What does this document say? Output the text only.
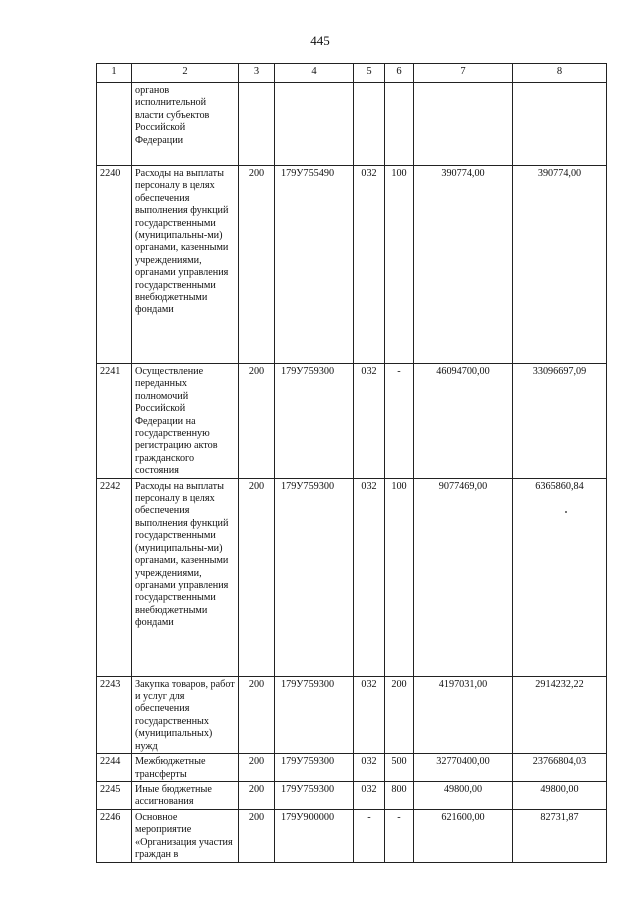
445
1	2	3	4	5	6	7	8
	органов исполнительной власти субъектов Российской Федерации						
2240	Расходы на выплаты персоналу в целях обеспечения выполнения функций государственными (муниципальны-ми) органами, казенными учреждениями, органами управления государственными внебюджетными фондами	200	179У755490	032	100	390774,00	390774,00
2241	Осуществление переданных полномочий Российской Федерации на государственную регистрацию актов гражданского состояния	200	179У759300	032	-	46094700,00	33096697,09
2242	Расходы на выплаты персоналу в целях обеспечения выполнения функций государственными (муниципальны-ми) органами, казенными учреждениями, органами управления государственными внебюджетными фондами	200	179У759300	032	100	9077469,00	6365860,84
2243	Закупка товаров, работ и услуг для обеспечения государственных (муниципальных) нужд	200	179У759300	032	200	4197031,00	2914232,22
2244	Межбюджетные трансферты	200	179У759300	032	500	32770400,00	23766804,03
2245	Иные бюджетные ассигнования	200	179У759300	032	800	49800,00	49800,00
2246	Основное мероприятие «Организация участия граждан в	200	179У900000	-	-	621600,00	82731,87
